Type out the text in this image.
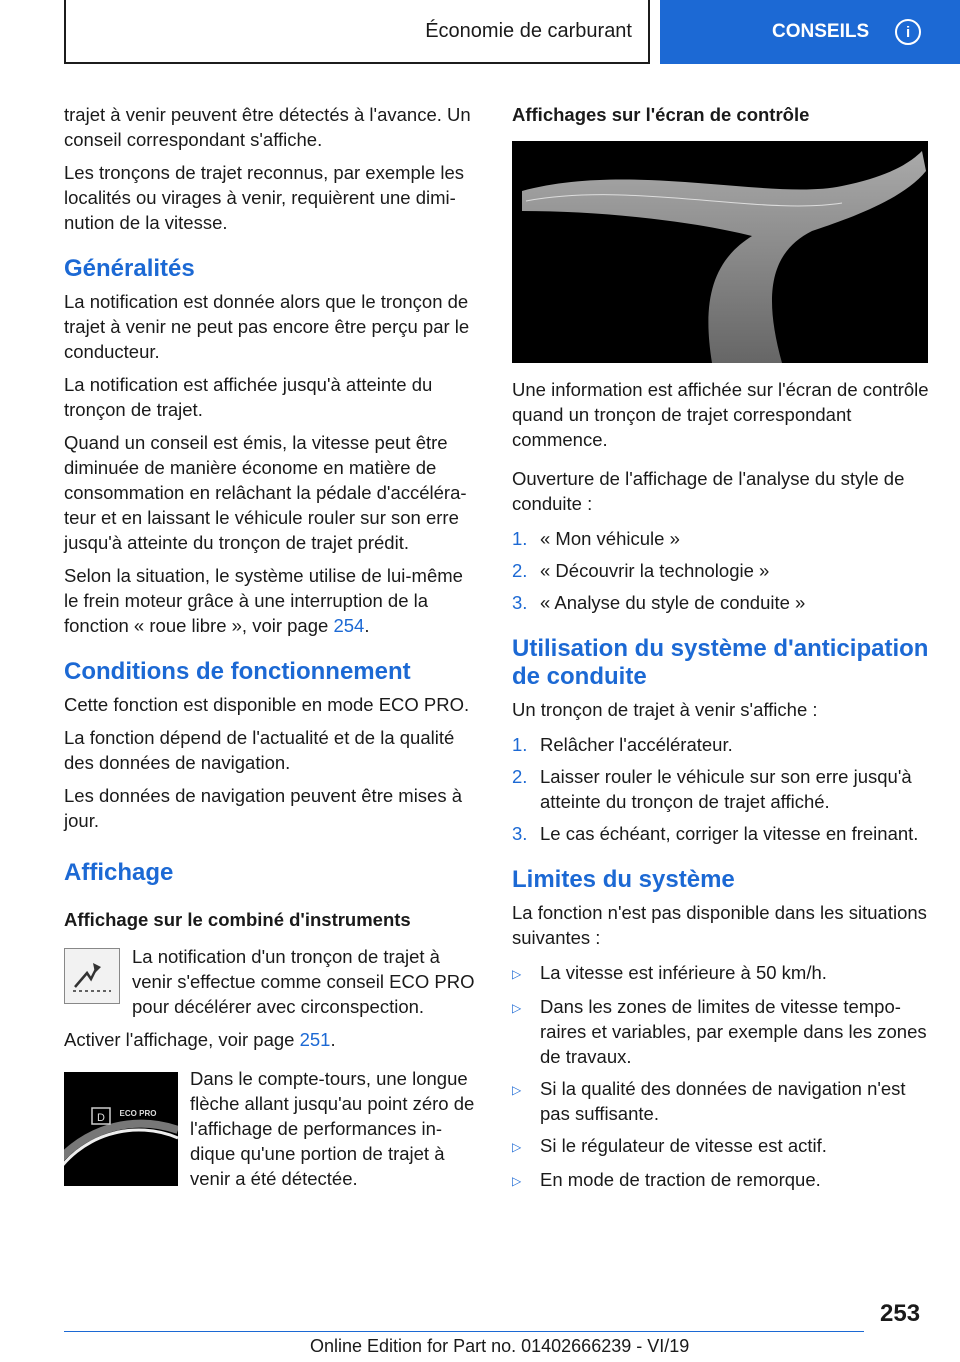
Économie de carburant	CONSEILS	i

trajet à venir peuvent être détectés à l'avance. Un conseil correspondant s'affiche.

Les tronçons de trajet reconnus, par exemple les localités ou virages à venir, requièrent une diminution de la vitesse.

Généralités

La notification est donnée alors que le tronçon de trajet à venir ne peut pas encore être perçu par le conducteur.

La notification est affichée jusqu'à atteinte du tronçon de trajet.

Quand un conseil est émis, la vitesse peut être diminuée de manière économe en matière de consommation en relâchant la pédale d'accélérateur et en laissant le véhicule rouler sur son erre jusqu'à atteinte du tronçon de trajet prédit.

Selon la situation, le système utilise de lui-même le frein moteur grâce à une interruption de la fonction « roue libre », voir page 254.

Conditions de fonctionnement

Cette fonction est disponible en mode ECO PRO.

La fonction dépend de l'actualité et de la qualité des données de navigation.

Les données de navigation peuvent être mises à jour.

Affichage
Affichage sur le combiné d'instruments

La notification d'un tronçon de trajet à venir s'effectue comme conseil ECO PRO pour décélérer avec circonspection.

Activer l'affichage, voir page 251.

D ECO PRO

Dans le compte-tours, une longue flèche allant jusqu'au point zéro de l'affichage de performances indique qu'une portion de trajet à venir a été détectée.

Affichages sur l'écran de contrôle

Une information est affichée sur l'écran de contrôle quand un tronçon de trajet correspondant commence.

Ouverture de l'affichage de l'analyse du style de conduite :

1. « Mon véhicule »
2. « Découvrir la technologie »
3. « Analyse du style de conduite »
Utilisation du système d'anticipation de conduite

Un tronçon de trajet à venir s'affiche :

1. Relâcher l'accélérateur.
2. Laisser rouler le véhicule sur son erre jusqu'à atteinte du tronçon de trajet affiché.
3. Le cas échéant, corriger la vitesse en freinant.
Limites du système

La fonction n'est pas disponible dans les situations suivantes :

▷	La vitesse est inférieure à 50 km/h.
▷	Dans les zones de limites de vitesse temporaires et variables, par exemple dans les zones de travaux.
▷	Si la qualité des données de navigation n'est pas suffisante.
▷	Si le régulateur de vitesse est actif.
▷	En mode de traction de remorque.
253
Online Edition for Part no. 01402666239 - VI/19
